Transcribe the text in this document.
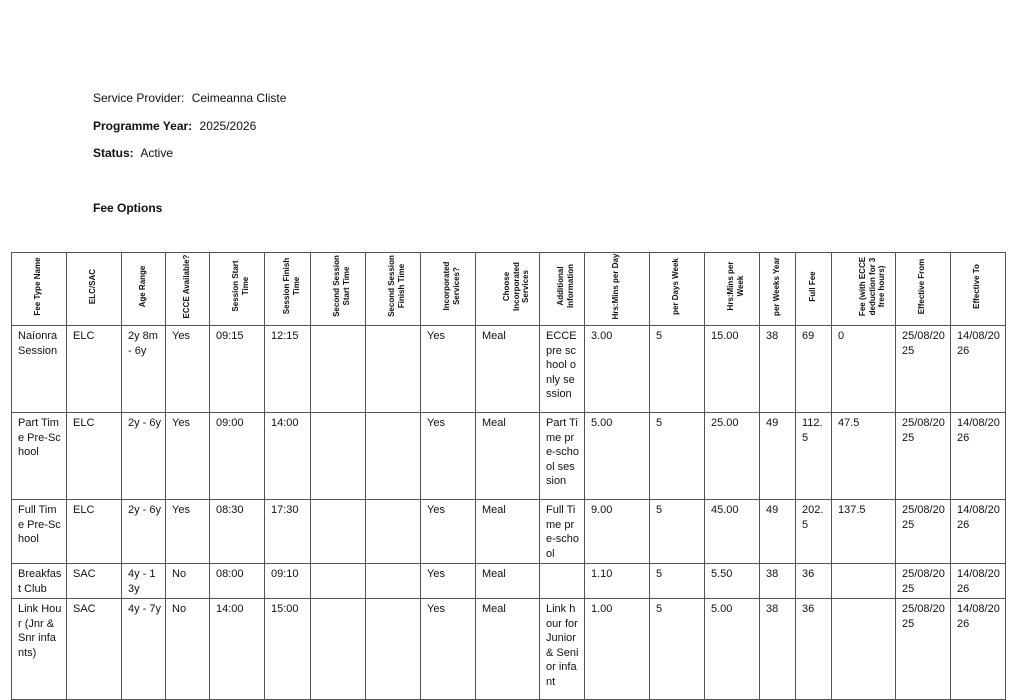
Service Provider: Ceimeanna Cliste
Programme Year: 2025/2026
Status: Active
Fee Options
Fee Type Name	ELC/SAC	Age Range	ECCE Available?	Session Start Time	Session Finish Time	Second Session Start Time	Second Session Finish Time	Incorporated Services?	Choose Incorporated Services	Additional Information	Hrs:Mins per Day	per Days Week	Hrs:Mins per Week	per Weeks Year	Full Fee	Fee (with ECCE deduction for 3 free hours)	Effective From	Effective To

Naíonra Session	ELC	2y 8m - 6y	Yes	09:15	12:15			Yes	Meal	ECCE pre school only session	3.00	5	15.00	38	69	0	25/08/2025	14/08/2026
Part Time Pre-School	ELC	2y - 6y	Yes	09:00	14:00			Yes	Meal	Part Time pre-school session	5.00	5	25.00	49	112.5	47.5	25/08/2025	14/08/2026
Full Time Pre-School	ELC	2y - 6y	Yes	08:30	17:30			Yes	Meal	Full Time pre-school	9.00	5	45.00	49	202.5	137.5	25/08/2025	14/08/2026
Breakfast Club	SAC	4y - 13y	No	08:00	09:10			Yes	Meal		1.10	5	5.50	38	36		25/08/2025	14/08/2026
Link Hour (Jnr & Snr infants)	SAC	4y - 7y	No	14:00	15:00			Yes	Meal	Link hour for Junior & Senior infant	1.00	5	5.00	38	36		25/08/2025	14/08/2026
